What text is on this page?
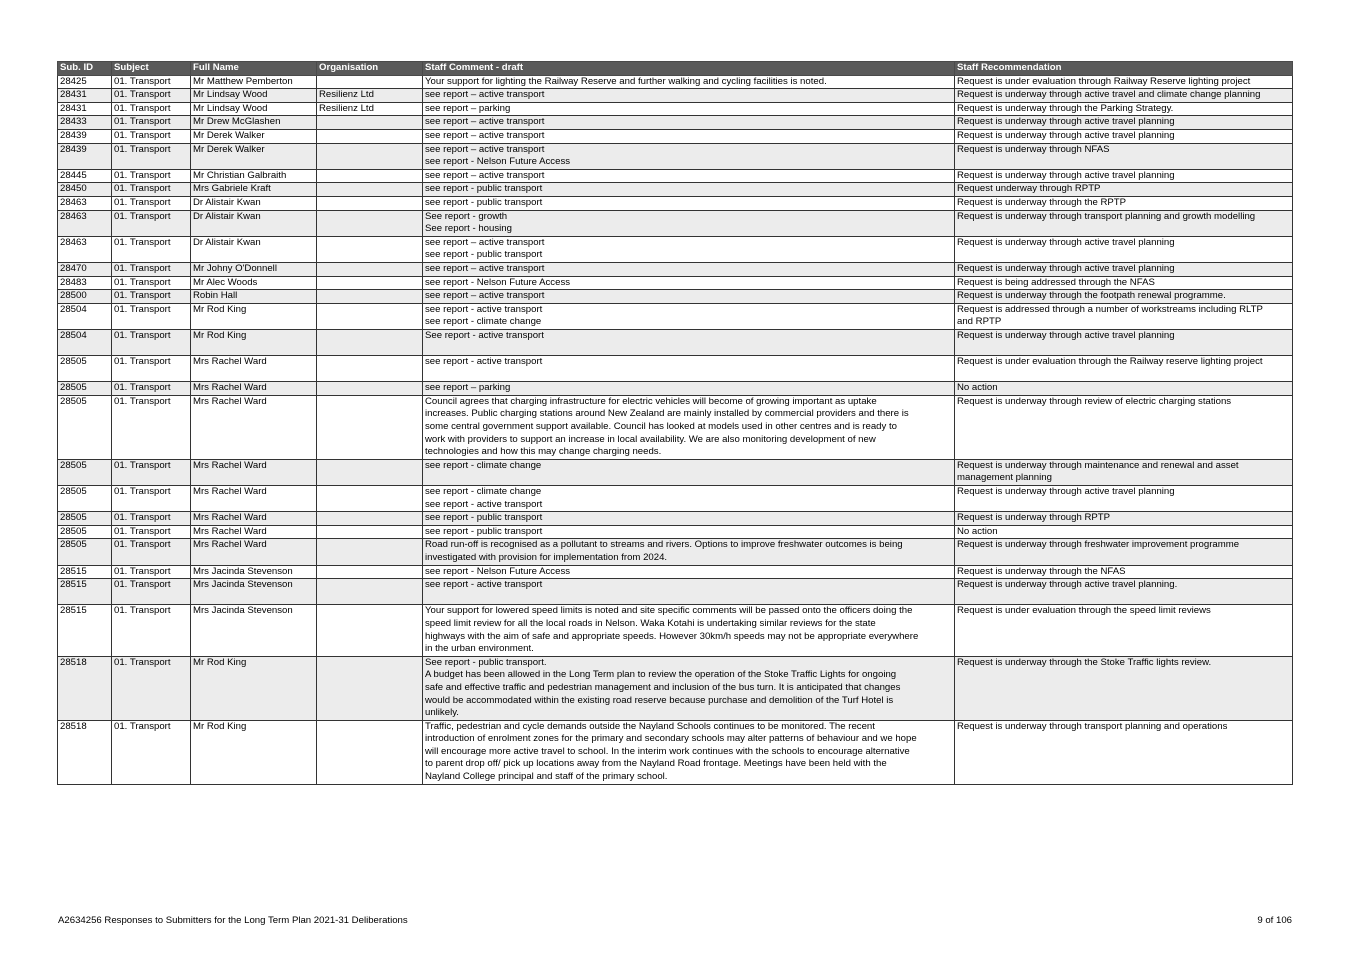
Sub. ID	Subject	Full Name	Organisation	Staff Comment - draft	Staff Recommendation
28425	01. Transport	Mr Matthew Pemberton		Your support for lighting the Railway Reserve and further walking and cycling facilities is noted.	Request is under evaluation through Railway Reserve lighting project

28431	01. Transport	Mr Lindsay Wood	Resilienz Ltd	see report – active transport	Request is underway through active travel and climate change planning

28431	01. Transport	Mr Lindsay Wood	Resilienz Ltd	see report – parking	Request is underway through the Parking Strategy.

28433	01. Transport	Mr Drew McGlashen		see report – active transport	Request is underway through active travel planning

28439	01. Transport	Mr Derek Walker		see report – active transport	Request is underway through active travel planning

28439	01. Transport	Mr Derek Walker		see report – active transport
see report - Nelson Future Access	Request is underway through NFAS

28445	01. Transport	Mr Christian Galbraith		see report – active transport	Request is underway through active travel planning

28450	01. Transport	Mrs Gabriele Kraft		see report - public transport	Request underway through RPTP

28463	01. Transport	Dr Alistair Kwan		see report - public transport	Request is underway through the RPTP

28463	01. Transport	Dr Alistair Kwan		See report - growth
See report - housing	Request is underway through transport planning and growth modelling

28463	01. Transport	Dr Alistair Kwan		see report – active transport
see report - public transport	Request is underway through active travel planning

28470	01. Transport	Mr Johny O'Donnell		see report – active transport	Request is underway through active travel planning

28483	01. Transport	Mr Alec Woods		see report - Nelson Future Access	Request is being addressed through the NFAS

28500	01. Transport	Robin Hall		see report – active transport	Request is underway through the footpath renewal programme.

28504	01. Transport	Mr Rod King		see report - active transport
see report - climate change	Request is addressed through a number of workstreams including RLTP
and RPTP

28504	01. Transport	Mr Rod King		See report - active transport	Request is underway through active travel planning

28505	01. Transport	Mrs Rachel Ward		see report - active transport	Request is under evaluation through the Railway reserve lighting project

28505	01. Transport	Mrs Rachel Ward		see report – parking	No action

28505	01. Transport	Mrs Rachel Ward		Council agrees that charging infrastructure for electric vehicles will become of growing important as uptake
increases. Public charging stations around New Zealand are mainly installed by commercial providers and there is
some central government support available. Council has looked at models used in other centres and is ready to
work with providers to support an increase in local availability. We are also monitoring development of new
technologies and how this may change charging needs.	Request is underway through review of electric charging stations

28505	01. Transport	Mrs Rachel Ward		see report - climate change	Request is underway through maintenance and renewal and asset
management planning

28505	01. Transport	Mrs Rachel Ward		see report - climate change
see report - active transport	Request is underway through active travel planning

28505	01. Transport	Mrs Rachel Ward		see report - public transport	Request is underway through RPTP

28505	01. Transport	Mrs Rachel Ward		see report - public transport	No action

28505	01. Transport	Mrs Rachel Ward		Road run-off is recognised as a pollutant to streams and rivers. Options to improve freshwater outcomes is being
investigated with provision for implementation from 2024.	Request is underway through freshwater improvement programme

28515	01. Transport	Mrs Jacinda Stevenson		see report - Nelson Future Access	Request is underway through the NFAS

28515	01. Transport	Mrs Jacinda Stevenson		see report - active transport	Request is underway through active travel planning.

28515	01. Transport	Mrs Jacinda Stevenson		Your support for lowered speed limits is noted and site specific comments will be passed onto the officers doing the
speed limit review for all the local roads in Nelson. Waka Kotahi is undertaking similar reviews for the state
highways with the aim of safe and appropriate speeds. However 30km/h speeds may not be appropriate everywhere
in the urban environment.	Request is under evaluation through the speed limit reviews

28518	01. Transport	Mr Rod King		See report - public transport.
A budget has been allowed in the Long Term plan to review the operation of the Stoke Traffic Lights for ongoing
safe and effective traffic and pedestrian management and inclusion of the bus turn. It is anticipated that changes
would be accommodated within the existing road reserve because purchase and demolition of the Turf Hotel is
unlikely.	Request is underway through the Stoke Traffic lights review.

28518	01. Transport	Mr Rod King		Traffic, pedestrian and cycle demands outside the Nayland Schools continues to be monitored. The recent
introduction of enrolment zones for the primary and secondary schools may alter patterns of behaviour and we hope
will encourage more active travel to school. In the interim work continues with the schools to encourage alternative
to parent drop off/ pick up locations away from the Nayland Road frontage. Meetings have been held with the
Nayland College principal and staff of the primary school.	Request is underway through transport planning and operations
A2634256 Responses to Submitters for the Long Term Plan 2021-31 Deliberations	9 of 106
